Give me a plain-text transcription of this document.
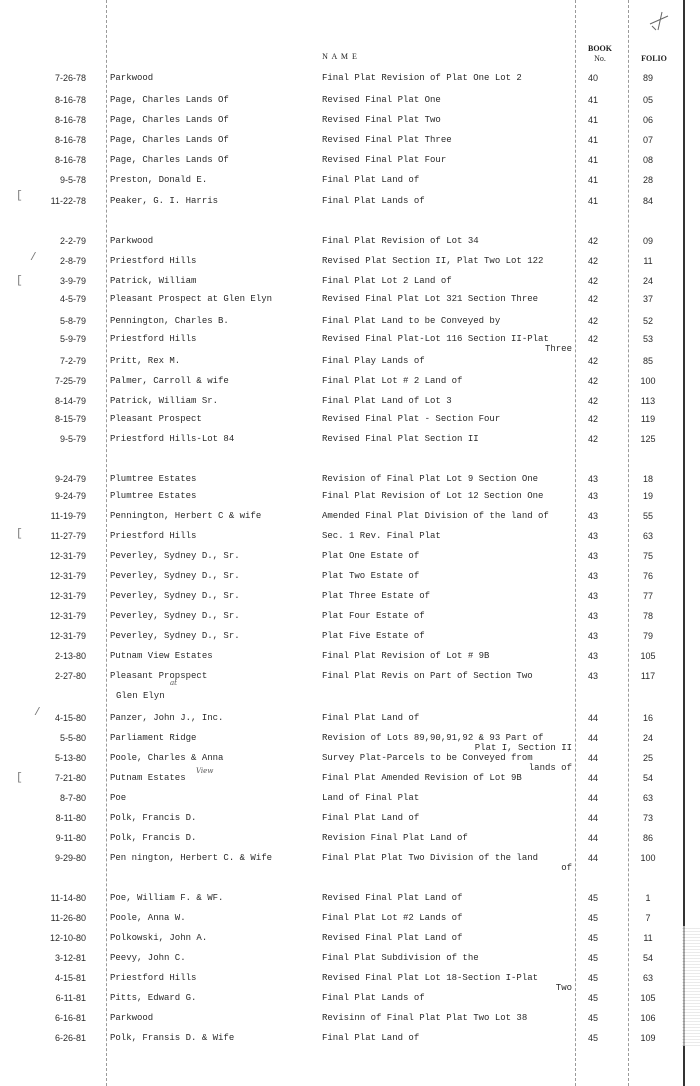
N A M E
BOOK
No.	FOLIO
7-26-78	Parkwood	Final Plat Revision of Plat One Lot 2	40	89
8-16-78	Page, Charles Lands Of	Revised Final Plat One	41	05
8-16-78	Page, Charles Lands Of	Revised Final Plat Two	41	06
8-16-78	Page, Charles Lands Of	Revised Final Plat Three	41	07
8-16-78	Page, Charles Lands Of	Revised Final Plat Four	41	08
9-5-78	Preston, Donald E.	Final Plat Land of	41	28
11-22-78	Peaker, G. I. Harris	Final Plat Lands of	41	84
2-2-79	Parkwood	Final Plat Revision of Lot 34	42	09
2-8-79	Priestford Hills	Revised Plat Section II, Plat Two Lot 122	42	11
3-9-79	Patrick, William	Final Plat Lot 2 Land of	42	24
4-5-79	Pleasant Prospect at Glen Elyn	Revised Final Plat Lot 321 Section Three	42	37
5-8-79	Pennington, Charles B.	Final Plat Land to be Conveyed by	42	52
5-9-79	Priestford Hills	Revised Final Plat-Lot 116 Section II-Plat	42	53
Three
7-2-79	Pritt, Rex M.	Final Play Lands of	42	85
7-25-79	Palmer, Carroll & wife	Final Plat Lot # 2 Land of	42	100
8-14-79	Patrick, William Sr.	Final Plat Land of Lot 3	42	113
8-15-79	Pleasant Prospect	Revised Final Plat - Section Four	42	119
9-5-79	Priestford Hills-Lot 84	Revised Final Plat Section II	42	125
9-24-79	Plumtree Estates	Revision of Final Plat Lot 9 Section One	43	18
9-24-79	Plumtree Estates	Final Plat Revision of Lot 12 Section One	43	19
11-19-79	Pennington, Herbert C & wife	Amended Final Plat Division of the land of	43	55
11-27-79	Priestford Hills	Sec. 1 Rev. Final Plat	43	63
12-31-79	Peverley, Sydney D., Sr.	Plat One Estate of	43	75
12-31-79	Peverley, Sydney D., Sr.	Plat Two Estate of	43	76
12-31-79	Peverley, Sydney D., Sr.	Plat Three Estate of	43	77
12-31-79	Peverley, Sydney D., Sr.	Plat Four Estate of	43	78
12-31-79	Peverley, Sydney D., Sr.	Plat Five Estate of	43	79
2-13-80	Putnam View Estates	Final Plat Revision of Lot # 9B	43	105
2-27-80	Pleasant Propspect	Final Plat Revis on Part of Section Two	43	117
Glen Elyn
at
4-15-80	Panzer, John J., Inc.	Final Plat Land of	44	16
5-5-80	Parliament Ridge	Revision of Lots 89,90,91,92 & 93 Part of	44	24
Plat I, Section II
5-13-80	Poole, Charles & Anna	Survey Plat-Parcels to be Conveyed from	44	25
lands of
7-21-80	Putnam Estates	Final Plat Amended Revision of Lot 9B	44	54
View
8-7-80	Poe	Land of Final Plat	44	63
8-11-80	Polk, Francis D.	Final Plat Land of	44	73
9-11-80	Polk, Francis D.	Revision Final Plat Land of	44	86
9-29-80	Pen nington, Herbert C. & Wife	Final Plat Plat Two Division of the land	44	100
of
11-14-80	Poe, William F. & WF.	Revised Final Plat Land of	45	1
11-26-80	Poole, Anna W.	Final Plat Lot #2 Lands of	45	7
12-10-80	Polkowski, John A.	Revised Final Plat Land of	45	11
3-12-81	Peevy, John C.	Final Plat Subdivision of the	45	54
4-15-81	Priestford Hills	Revised Final Plat Lot 18-Section I-Plat	45	63
Two
6-11-81	Pitts, Edward G.	Final Plat Lands of	45	105
6-16-81	Parkwood	Revisinn of Final Plat Plat Two Lot 38	45	106
6-26-81	Polk, Fransis D. & Wife	Final Plat Land of	45	109
[
[
[
[
/
/
